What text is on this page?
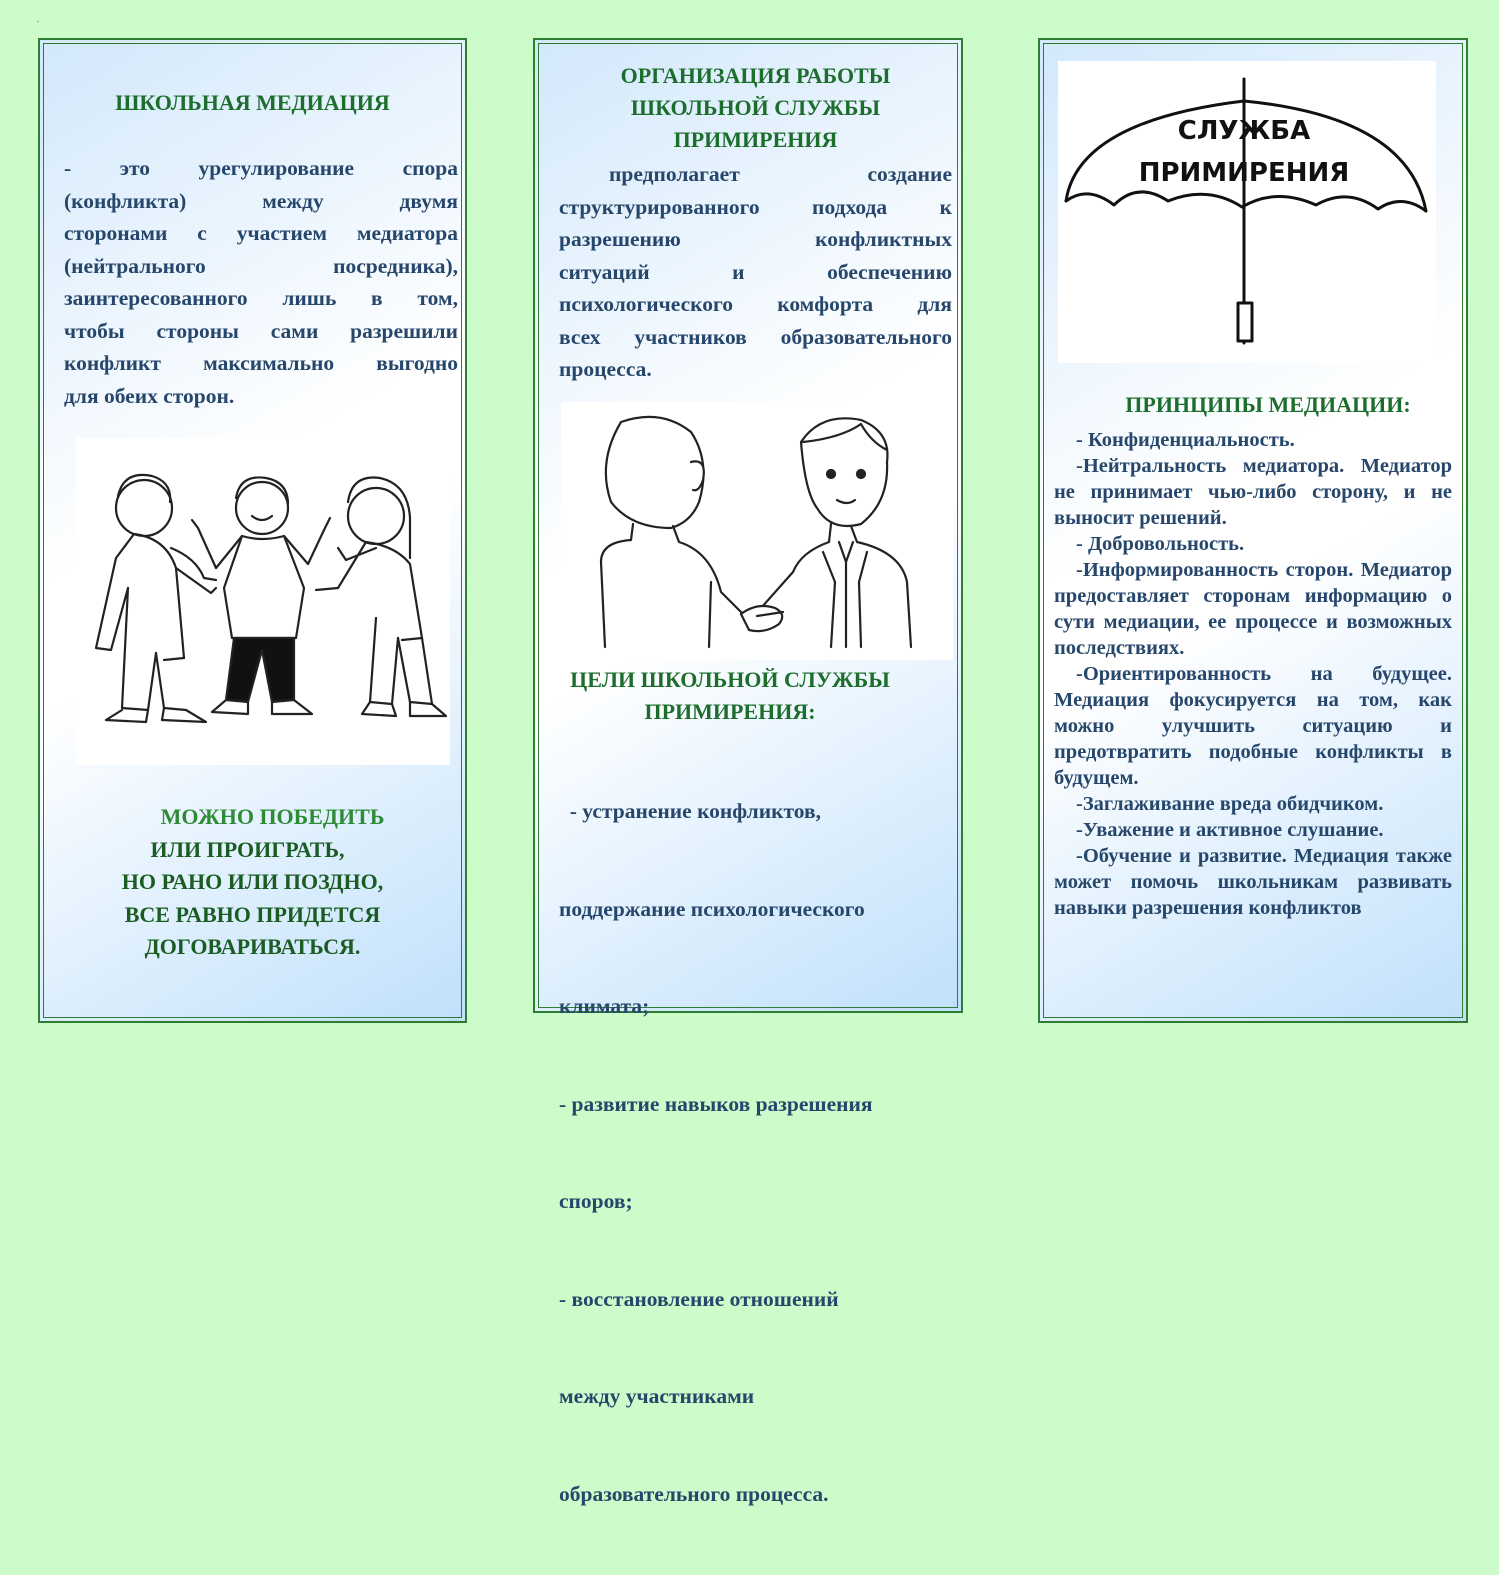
.
ШКОЛЬНАЯ МЕДИАЦИЯ
- это урегулирование спора
(конфликта) между двумя
сторонами с участием медиатора
(нейтрального посредника),
заинтересованного лишь в том,
чтобы стороны сами разрешили
конфликт максимально выгодно
для обеих сторон.
МОЖНО ПОБЕДИТЬ
ИЛИ ПРОИГРАТЬ,
НО РАНО ИЛИ ПОЗДНО,
ВСЕ РАВНО ПРИДЕТСЯ
ДОГОВАРИВАТЬСЯ.
ОРГАНИЗАЦИЯ РАБОТЫ
ШКОЛЬНОЙ СЛУЖБЫ
ПРИМИРЕНИЯ
предполагает создание
структурированного подхода к
разрешению конфликтных
ситуаций и обеспечению
психологического комфорта для
всех участников образовательного
процесса.
ЦЕЛИ ШКОЛЬНОЙ СЛУЖБЫ
ПРИМИРЕНИЯ:

- устранение конфликтов,

поддержание психологического

климата;

- развитие навыков разрешения

споров;

- восстановление отношений

между участниками

образовательного процесса.

СЛУЖБА
ПРИМИРЕНИЯ
ПРИНЦИПЫ МЕДИАЦИИ:

- Конфиденциальность.

-Нейтральность медиатора. Медиатор не принимает чью-либо сторону, и не выносит решений.

- Добровольность.

-Информированность сторон. Медиатор предоставляет сторонам информацию о сути медиации, ее процессе и возможных последствиях.

-Ориентированность на будущее. Медиация фокусируется на том, как можно улучшить ситуацию и предотвратить подобные конфликты в будущем.

-Заглаживание вреда обидчиком.

-Уважение и активное слушание.

-Обучение и развитие. Медиация также может помочь школьникам развивать навыки разрешения конфликтов
